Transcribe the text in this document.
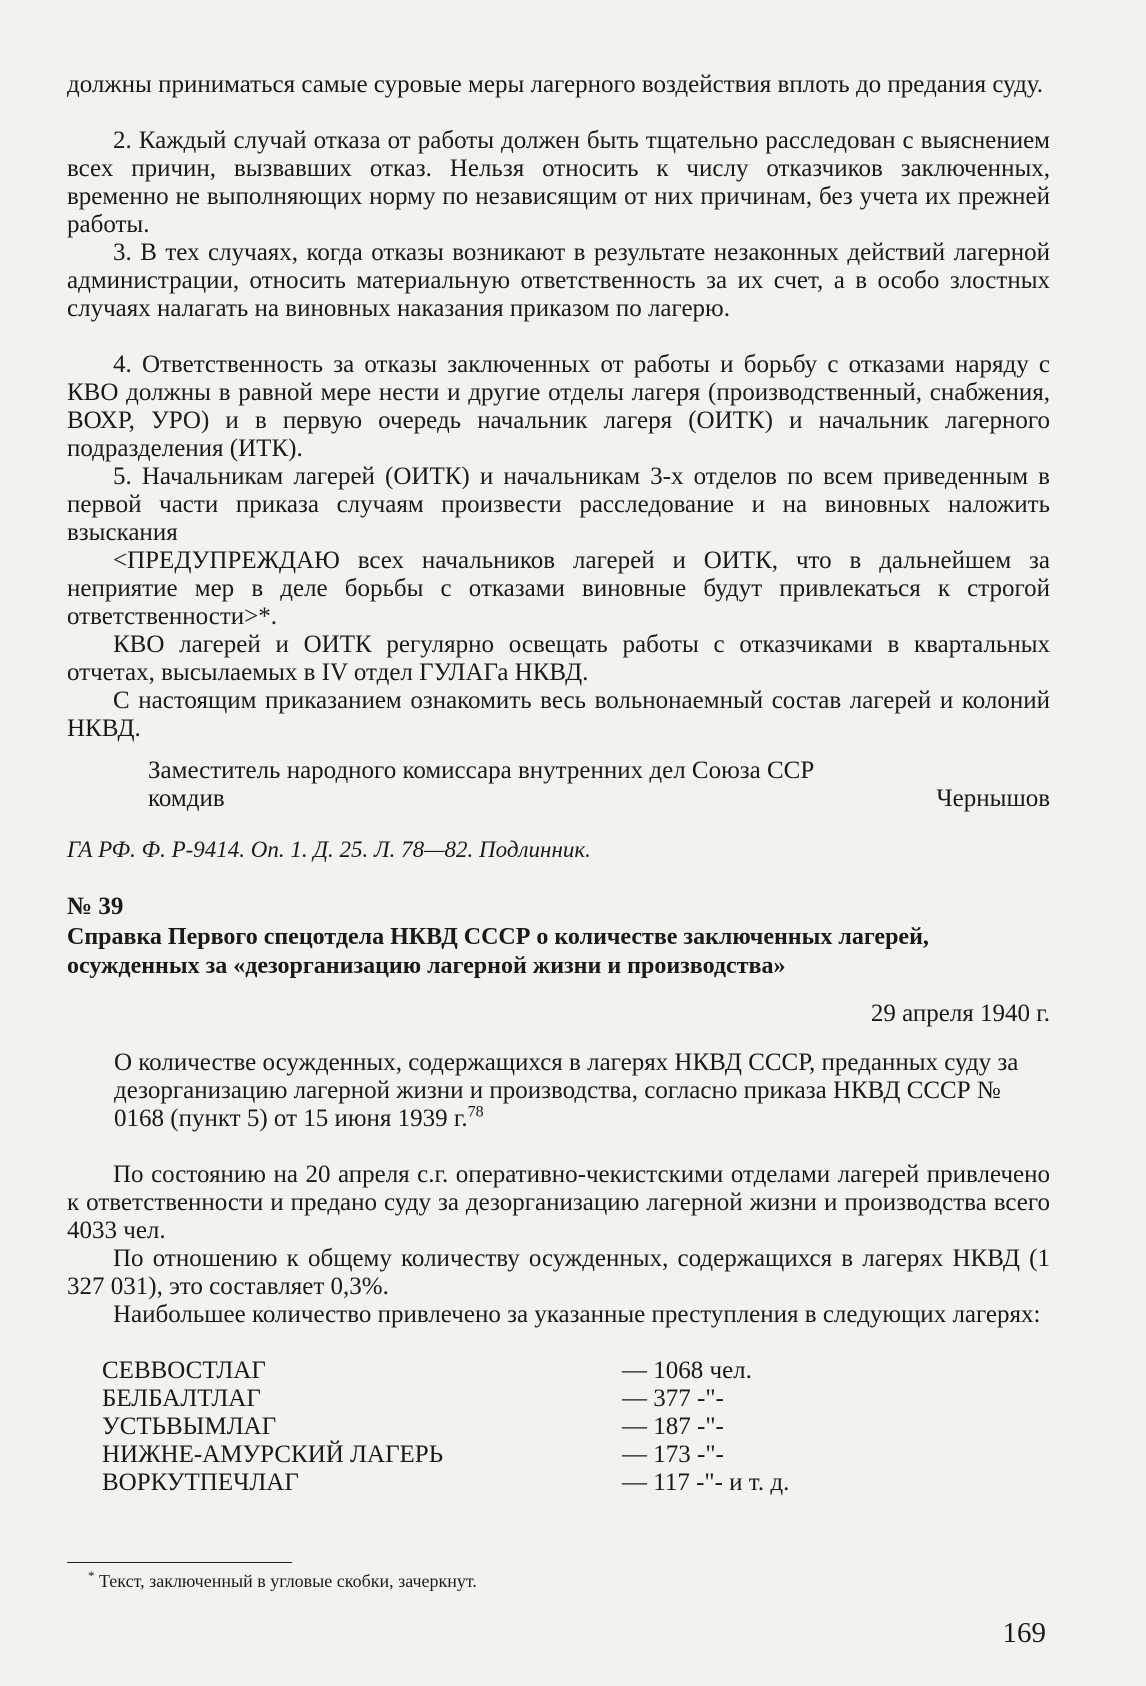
должны приниматься самые суровые меры лагерного воздействия вплоть до предания суду.

2. Каждый случай отказа от работы должен быть тщательно расследован с выяснением всех причин, вызвавших отказ. Нельзя относить к числу отказчиков заключенных, временно не выполняющих норму по независящим от них причинам, без учета их прежней работы.

3. В тех случаях, когда отказы возникают в результате незаконных действий лагерной администрации, относить материальную ответственность за их счет, а в особо злостных случаях налагать на виновных наказания приказом по лагерю.

4. Ответственность за отказы заключенных от работы и борьбу с отказами наряду с КВО должны в равной мере нести и другие отделы лагеря (производственный, снабжения, ВОХР, УРО) и в первую очередь начальник лагеря (ОИТК) и начальник лагерного подразделения (ИТК).

5. Начальникам лагерей (ОИТК) и начальникам 3-х отделов по всем приведенным в первой части приказа случаям произвести расследование и на виновных наложить взыскания

<ПРЕДУПРЕЖДАЮ всех начальников лагерей и ОИТК, что в дальнейшем за неприятие мер в деле борьбы с отказами виновные будут привлекаться к строгой ответственности>*.

КВО лагерей и ОИТК регулярно освещать работы с отказчиками в квартальных отчетах, высылаемых в IV отдел ГУЛАГа НКВД.

С настоящим приказанием ознакомить весь вольнонаемный состав лагерей и колоний НКВД.

Заместитель народного комиссара внутренних дел Союза ССР
комдив	Чернышов
ГА РФ. Ф. Р-9414. Оп. 1. Д. 25. Л. 78—82. Подлинник.
№ 39

Справка Первого спецотдела НКВД СССР о количестве заключенных лагерей, осужденных за «дезорганизацию лагерной жизни и производства»

29 апреля 1940 г.

О количестве осужденных, содержащихся в лагерях НКВД СССР, преданных суду за дезорганизацию лагерной жизни и производства, согласно приказа НКВД СССР № 0168 (пункт 5) от 15 июня 1939 г.$^{78}$

По состоянию на 20 апреля с.г. оперативно-чекистскими отделами лагерей привлечено к ответственности и предано суду за дезорганизацию лагерной жизни и производства всего 4033 чел.

По отношению к общему количеству осужденных, содержащихся в лагерях НКВД (1 327 031), это составляет 0,3%.

Наибольшее количество привлечено за указанные преступления в следующих лагерях:

СЕВВОСТЛАГ	— 1068 чел.
БЕЛБАЛТЛАГ	— 377 -"-
УСТЬВЫМЛАГ	— 187 -"-
НИЖНЕ-АМУРСКИЙ ЛАГЕРЬ	— 173 -"-
ВОРКУТПЕЧЛАГ	— 117 -"- и т. д.
* Текст, заключенный в угловые скобки, зачеркнут.
169
